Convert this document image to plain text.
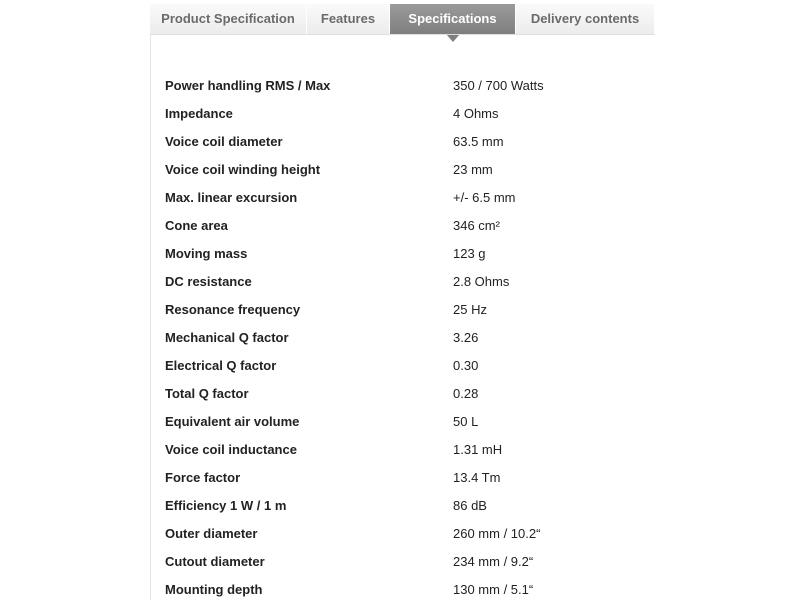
Product Specification	Features	Specifications	Delivery contents
Power handling RMS / Max	350 / 700 Watts
Impedance	4 Ohms
Voice coil diameter	63.5 mm
Voice coil winding height	23 mm
Max. linear excursion	+/- 6.5 mm
Cone area	346 cm²
Moving mass	123 g
DC resistance	2.8 Ohms
Resonance frequency	25 Hz
Mechanical Q factor	3.26
Electrical Q factor	0.30
Total Q factor	0.28
Equivalent air volume	50 L
Voice coil inductance	1.31 mH
Force factor	13.4 Tm
Efficiency 1 W / 1 m	86 dB
Outer diameter	260 mm / 10.2“
Cutout diameter	234 mm / 9.2“
Mounting depth	130 mm / 5.1“
